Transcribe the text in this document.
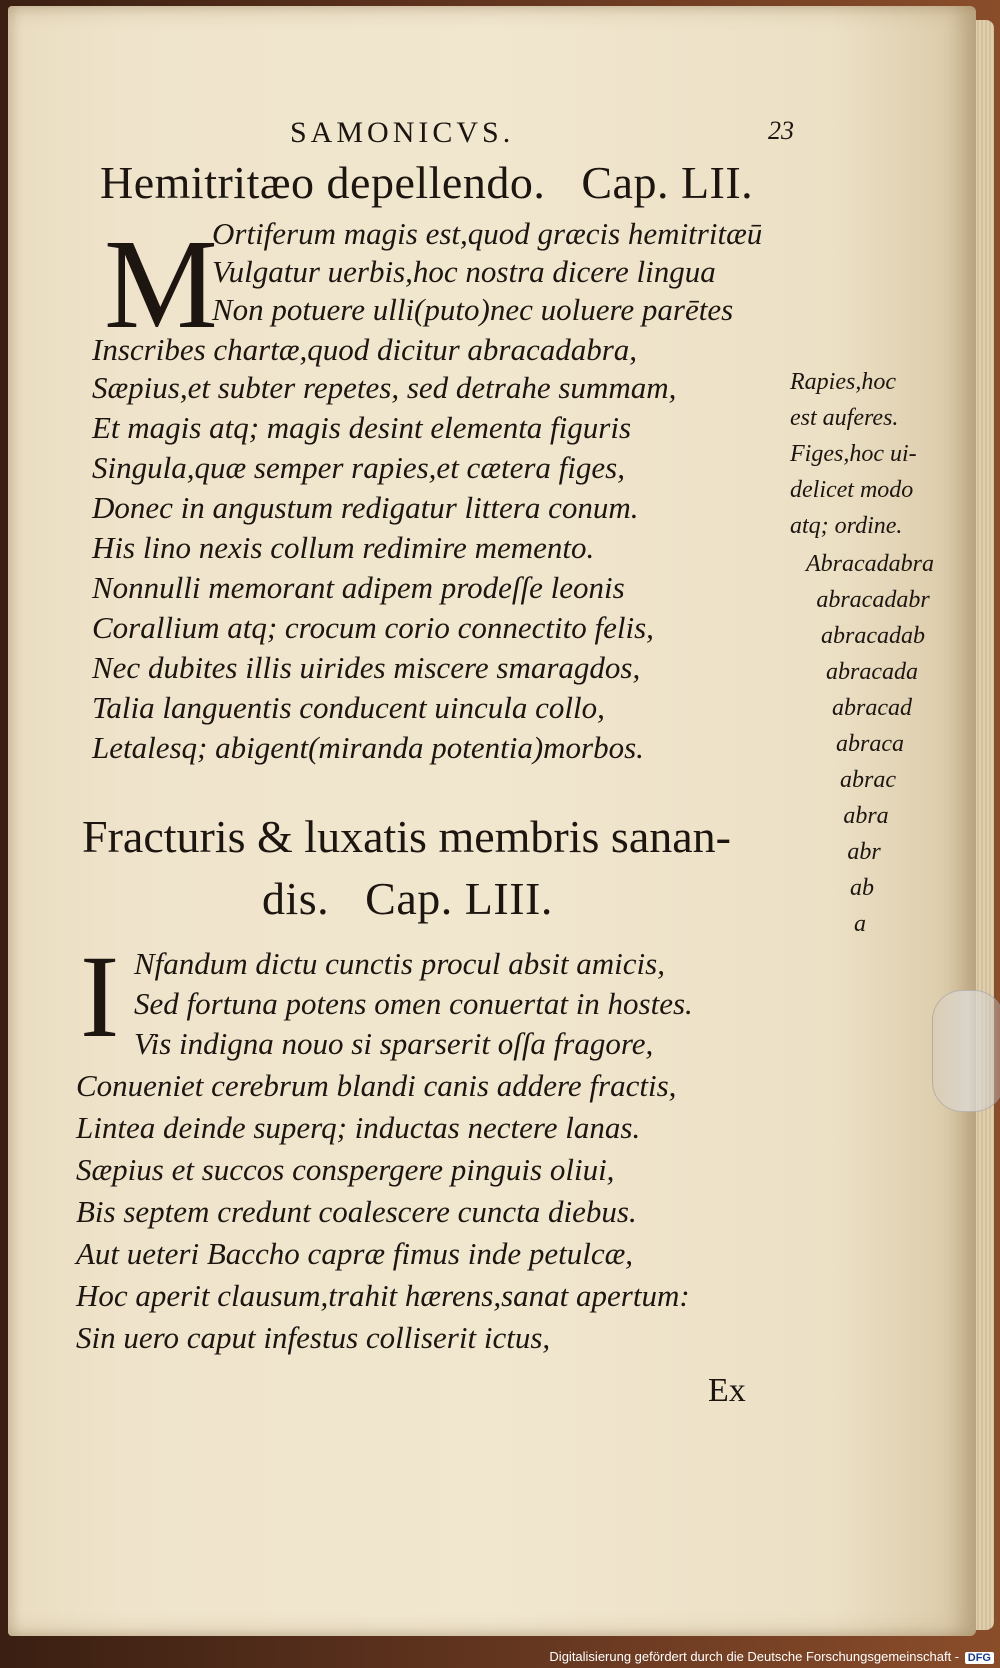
SAMONICVS.	23
Hemitritæo depellendo.   Cap. LII.
M
Ortiferum magis est,quod græcis hemitritæū
Vulgatur uerbis,hoc nostra dicere lingua
Non potuere ulli(puto)nec uoluere parētes
Inscribes chartæ,quod dicitur abracadabra,
Sæpius,et subter repetes, sed detrahe summam,
Et magis atq; magis desint elementa figuris
Singula,quæ semper rapies,et cætera figes,
Donec in angustum redigatur littera conum.
His lino nexis collum redimire memento.
Nonnulli memorant adipem prodeſſe leonis
Corallium atq; crocum corio connectito felis,
Nec dubites illis uirides miscere smaragdos,
Talia languentis conducent uincula collo,
Letalesq; abigent(miranda potentia)morbos.
Rapies,hoc
est auferes.
Figes,hoc ui-
delicet modo
atq; ordine.
Abracadabra
abracadabr
abracadab
abracada
abracad
abraca
abrac
abra
abr
ab
a
Fracturis & luxatis membris sanan-
dis.   Cap. LIII.
I Nfandum dictu cunctis procul absit amicis,
Sed fortuna potens omen conuertat in hostes.
Vis indigna nouo si sparserit oſſa fragore,
Conueniet cerebrum blandi canis addere fractis,
Lintea deinde superq; inductas nectere lanas.
Sæpius et succos conspergere pinguis oliui,
Bis septem credunt coalescere cuncta diebus.
Aut ueteri Baccho capræ fimus inde petulcæ,
Hoc aperit clausum,trahit hærens,sanat apertum:
Sin uero caput infestus colliserit ictus,
Ex
Digitalisierung gefördert durch die Deutsche Forschungsgemeinschaft - DFG
